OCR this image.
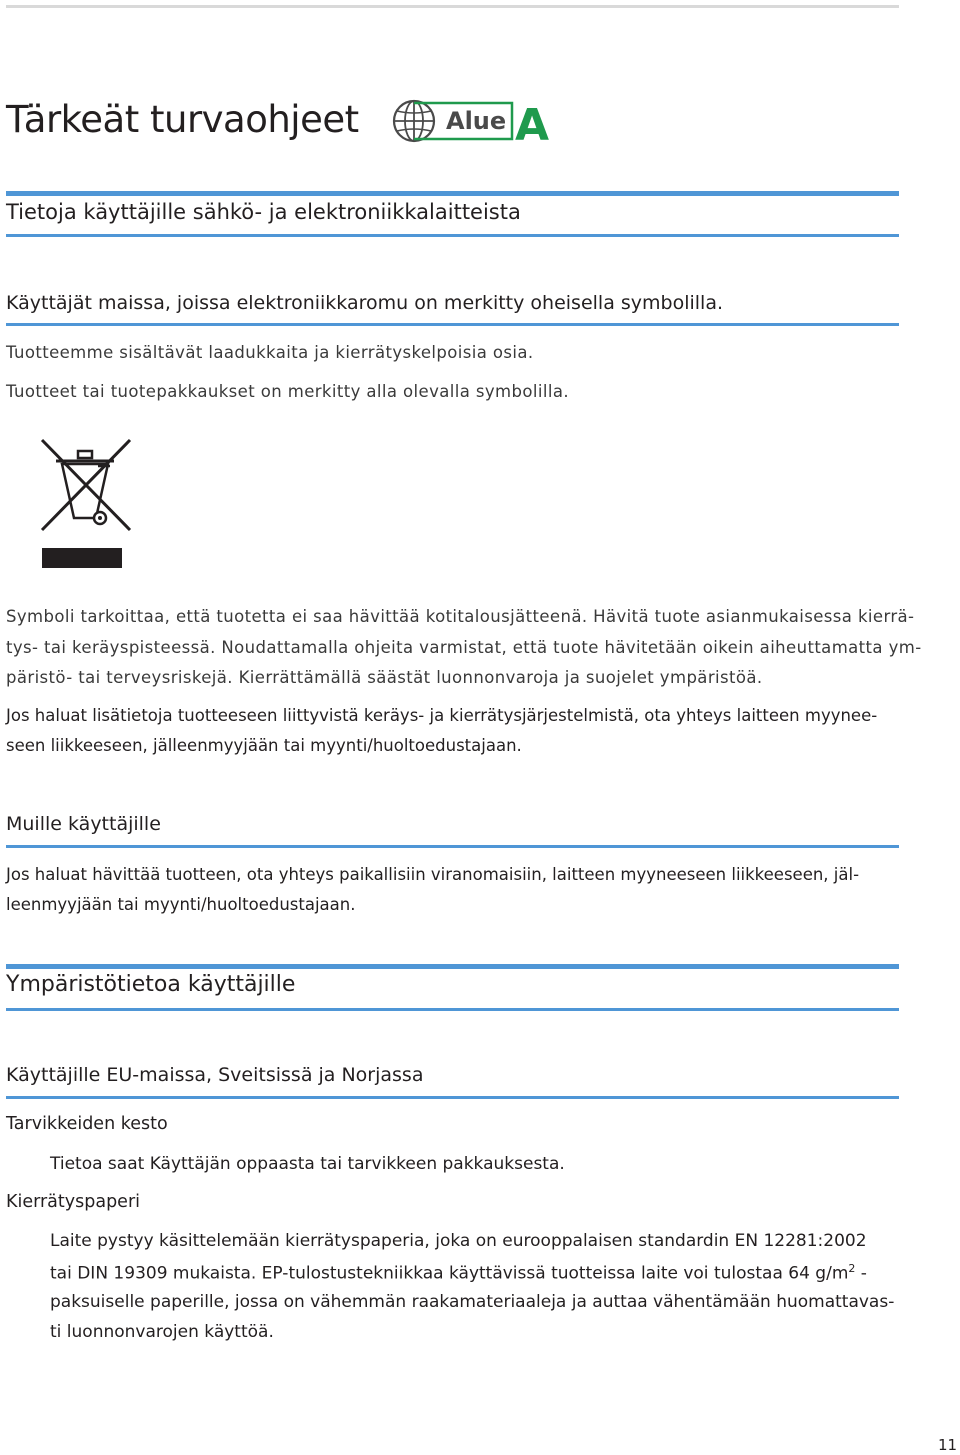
Tärkeät turvaohjeet	Alue A
Tietoja käyttäjille sähkö- ja elektroniikkalaitteista
Käyttäjät maissa, joissa elektroniikkaromu on merkitty oheisella symbolilla.
Tuotteemme sisältävät laadukkaita ja kierrätyskelpoisia osia.
Tuotteet tai tuotepakkaukset on merkitty alla olevalla symbolilla.
Symboli tarkoittaa, että tuotetta ei saa hävittää kotitalousjätteenä. Hävitä tuote asianmukaisessa kierrä-
tys- tai keräyspisteessä. Noudattamalla ohjeita varmistat, että tuote hävitetään oikein aiheuttamatta ym-
päristö- tai terveysriskejä. Kierrättämällä säästät luonnonvaroja ja suojelet ympäristöä.
Jos haluat lisätietoja tuotteeseen liittyvistä keräys- ja kierrätysjärjestelmistä, ota yhteys laitteen myynee-
seen liikkeeseen, jälleenmyyjään tai myynti/huoltoedustajaan.
Muille käyttäjille
Jos haluat hävittää tuotteen, ota yhteys paikallisiin viranomaisiin, laitteen myyneeseen liikkeeseen, jäl-
leenmyyjään tai myynti/huoltoedustajaan.
Ympäristötietoa käyttäjille
Käyttäjille EU-maissa, Sveitsissä ja Norjassa
Tarvikkeiden kesto
Tietoa saat Käyttäjän oppaasta tai tarvikkeen pakkauksesta.
Kierrätyspaperi
Laite pystyy käsittelemään kierrätyspaperia, joka on eurooppalaisen standardin EN 12281:2002
tai DIN 19309 mukaista. EP-tulostustekniikkaa käyttävissä tuotteissa laite voi tulostaa 64 $g/m^2$ -
paksuiselle paperille, jossa on vähemmän raakamateriaaleja ja auttaa vähentämään huomattavas-
ti luonnonvarojen käyttöä.
11
